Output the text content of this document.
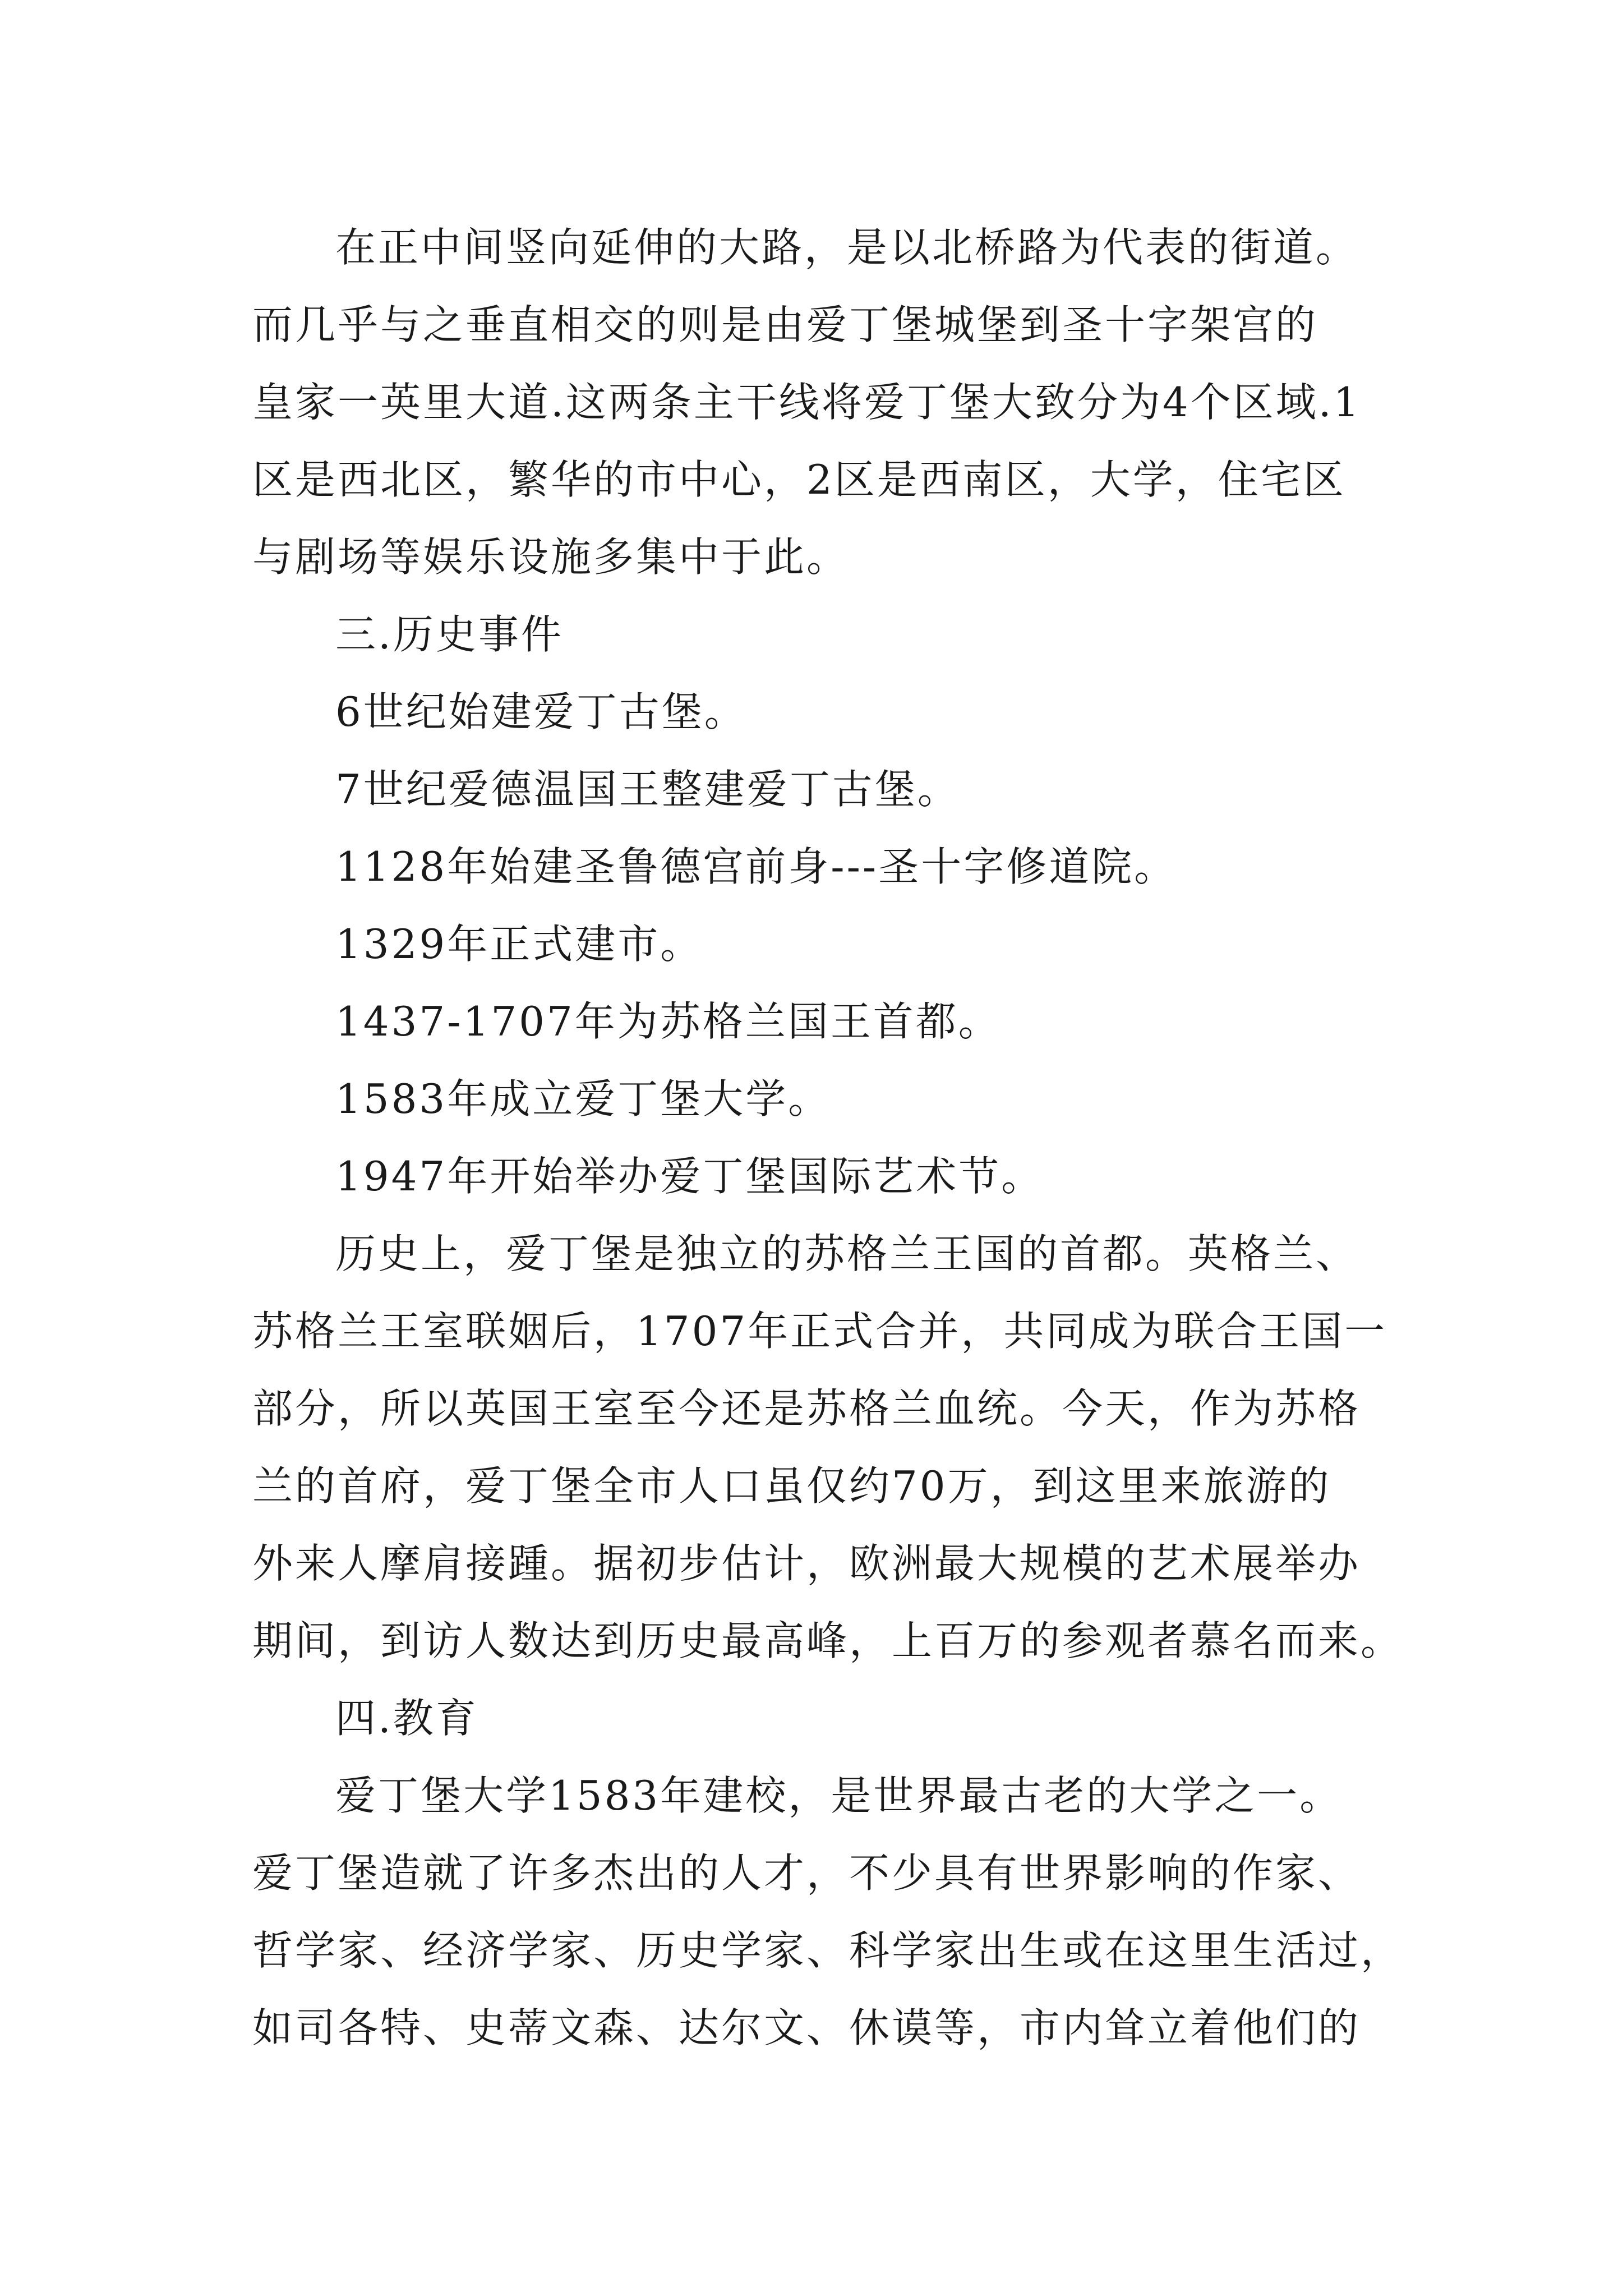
在正中间竖向延伸的大路，是以北桥路为代表的街道。
而几乎与之垂直相交的则是由爱丁堡城堡到圣十字架宫的
皇家一英里大道.这两条主干线将爱丁堡大致分为4个区域.1
区是西北区，繁华的市中心，2区是西南区，大学，住宅区
与剧场等娱乐设施多集中于此。
三.历史事件
6世纪始建爱丁古堡。
7世纪爱德温国王整建爱丁古堡。
1128年始建圣鲁德宫前身---圣十字修道院。
1329年正式建市。
1437-1707年为苏格兰国王首都。
1583年成立爱丁堡大学。
1947年开始举办爱丁堡国际艺术节。
历史上，爱丁堡是独立的苏格兰王国的首都。英格兰、
苏格兰王室联姻后，1707年正式合并，共同成为联合王国一
部分，所以英国王室至今还是苏格兰血统。今天，作为苏格
兰的首府，爱丁堡全市人口虽仅约70万，到这里来旅游的
外来人摩肩接踵。据初步估计，欧洲最大规模的艺术展举办
期间，到访人数达到历史最高峰，上百万的参观者慕名而来。
四.教育
爱丁堡大学1583年建校，是世界最古老的大学之一。
爱丁堡造就了许多杰出的人才，不少具有世界影响的作家、
哲学家、经济学家、历史学家、科学家出生或在这里生活过，
如司各特、史蒂文森、达尔文、休谟等，市内耸立着他们的
